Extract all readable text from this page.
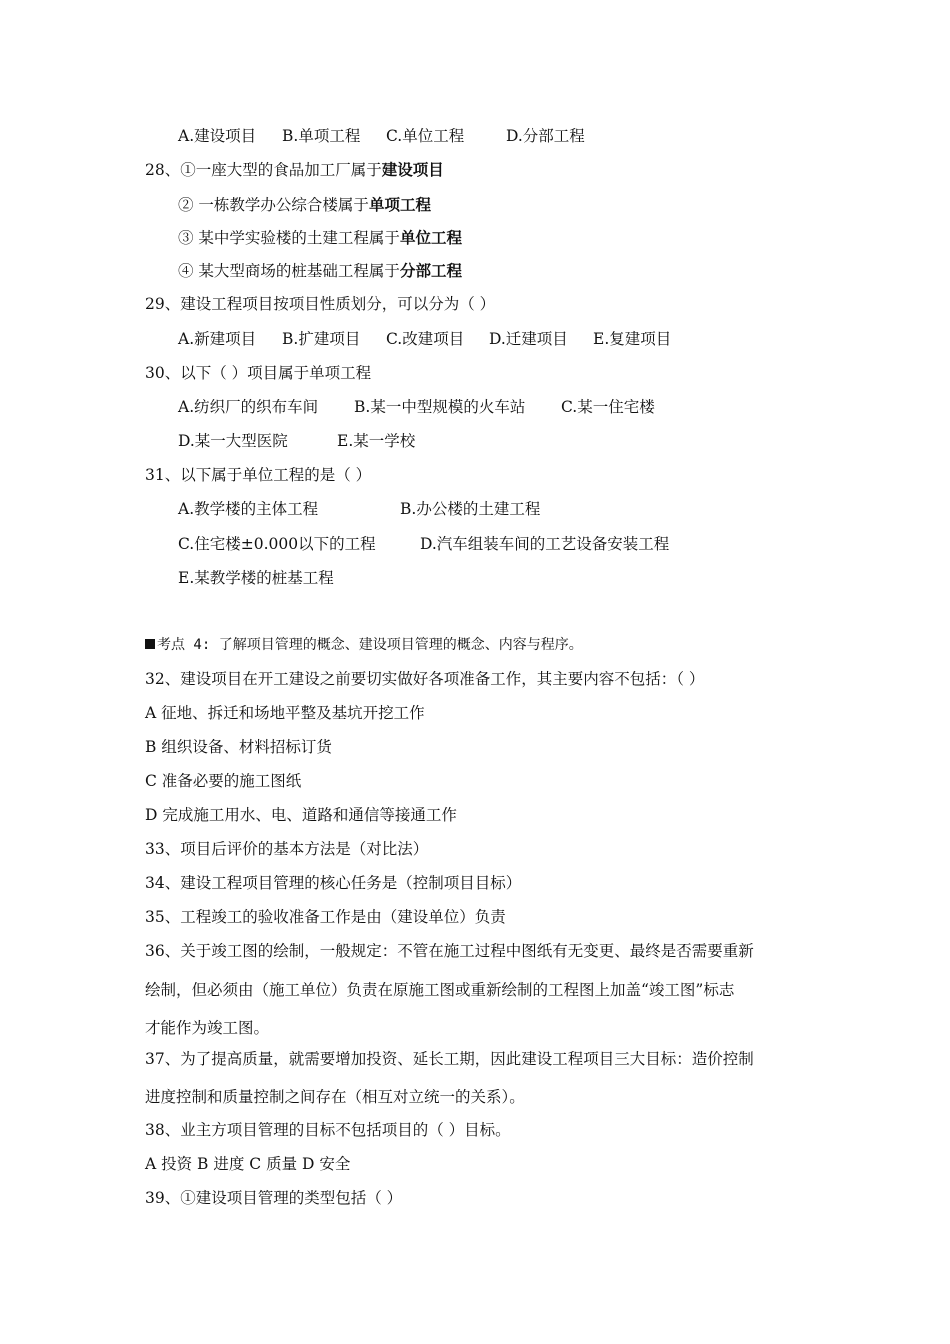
A.建设项目 B.单项工程 C.单位工程	D.分部工程
28、①一座大型的食品加工厂属于建设项目
② 一栋教学办公综合楼属于单项工程
③ 某中学实验楼的土建工程属于单位工程
④ 某大型商场的桩基础工程属于分部工程
29、建设工程项目按项目性质划分，可以分为（ ）
A.新建项目 B.扩建项目 C.改建项目 D.迁建项目 E.复建项目
30、以下（ ）项目属于单项工程
A.纺织厂的织布车间 B.某一中型规模的火车站 C.某一住宅楼
D.某一大型医院	E.某一学校
31、以下属于单位工程的是（ ）
A.教学楼的主体工程	B.办公楼的土建工程
C.住宅楼±0.000以下的工程	D.汽车组装车间的工艺设备安装工程
E.某教学楼的桩基工程
考点 4: 了解项目管理的概念、建设项目管理的概念、内容与程序。
32、建设项目在开工建设之前要切实做好各项准备工作，其主要内容不包括：（ ）
A 征地、拆迁和场地平整及基坑开挖工作
B 组织设备、材料招标订货
C 准备必要的施工图纸
D 完成施工用水、电、道路和通信等接通工作
33、项目后评价的基本方法是（对比法）
34、建设工程项目管理的核心任务是（控制项目目标）
35、工程竣工的验收准备工作是由（建设单位）负责
36、关于竣工图的绘制，一般规定：不管在施工过程中图纸有无变更、最终是否需要重新
绘制，但必须由（施工单位）负责在原施工图或重新绘制的工程图上加盖“竣工图”标志
才能作为竣工图。
37、为了提高质量，就需要增加投资、延长工期，因此建设工程项目三大目标：造价控制
进度控制和质量控制之间存在（相互对立统一的关系）。
38、业主方项目管理的目标不包括项目的（ ）目标。
A 投资 B 进度 C 质量 D 安全
39、①建设项目管理的类型包括（ ）
